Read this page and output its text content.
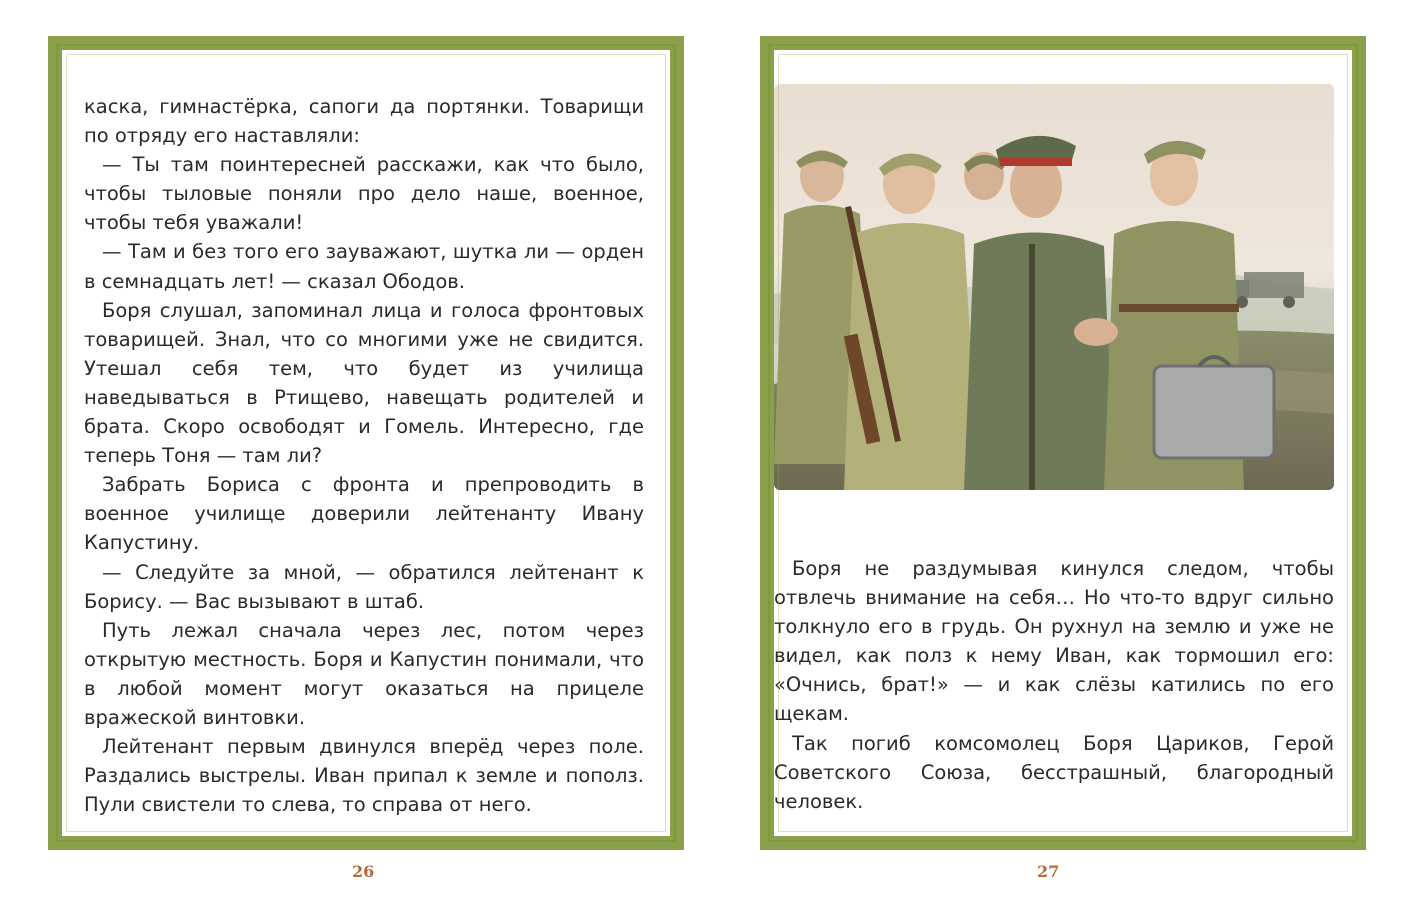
каска, гимнастёрка, сапоги да портянки. Товарищи по отряду его наставляли:

— Ты там поинтересней расскажи, как что было, чтобы тыловые поняли про дело наше, военное, чтобы тебя уважали!

— Там и без того его зауважают, шутка ли — орден в семнадцать лет! — сказал Ободов.

Боря слушал, запоминал лица и голоса фронтовых товарищей. Знал, что со многими уже не свидится. Утешал себя тем, что будет из училища наведываться в Ртищево, навещать родителей и брата. Скоро освободят и Гомель. Интересно, где теперь Тоня — там ли?

Забрать Бориса с фронта и препроводить в военное училище доверили лейтенанту Ивану Капустину.

— Следуйте за мной, — обратился лейтенант к Борису. — Вас вызывают в штаб.

Путь лежал сначала через лес, потом через открытую местность. Боря и Капустин понимали, что в любой момент могут оказаться на прицеле вражеской винтовки.

Лейтенант первым двинулся вперёд через поле. Раздались выстрелы. Иван припал к земле и пополз. Пули свистели то слева, то справа от него.

Боря не раздумывая кинулся следом, чтобы отвлечь внимание на себя… Но что-то вдруг сильно толкнуло его в грудь. Он рухнул на землю и уже не видел, как полз к нему Иван, как тормошил его: «Очнись, брат!» — и как слёзы катились по его щекам.

Так погиб комсомолец Боря Цариков, Герой Советского Союза, бесстрашный, благородный человек.

26	27
